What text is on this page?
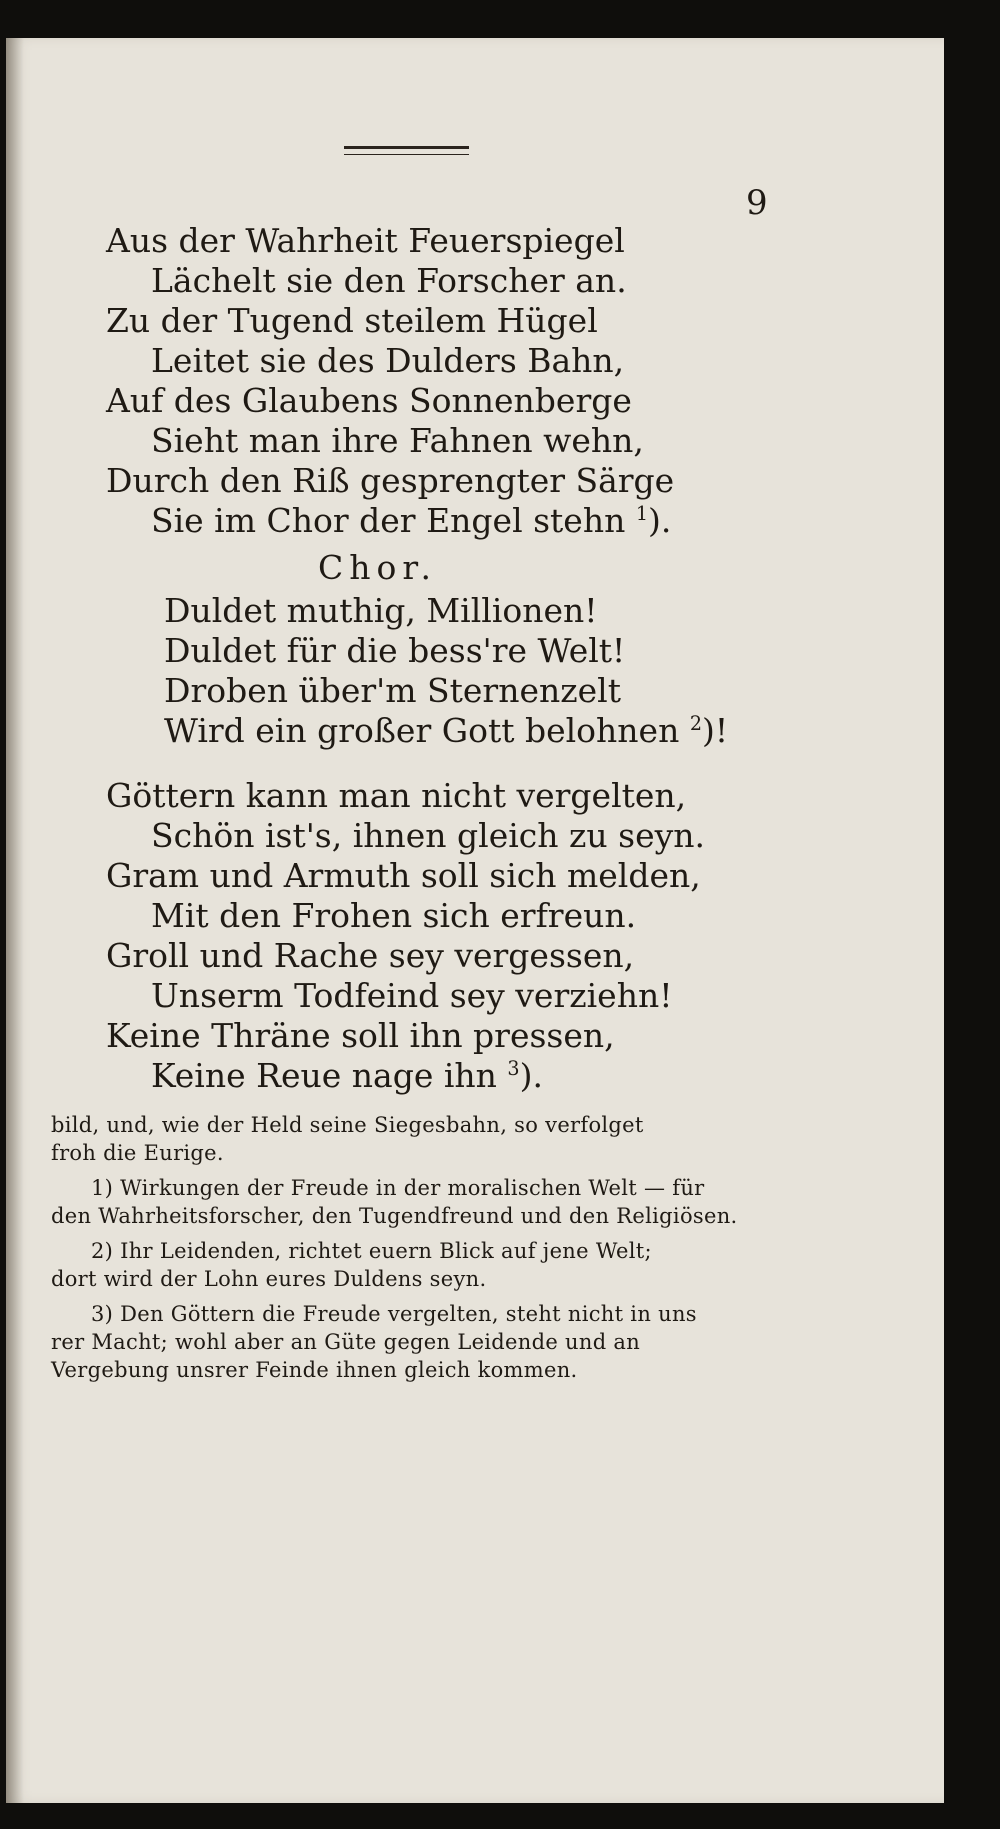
9
Aus der Wahrheit Feuerspiegel
Lächelt sie den Forscher an.
Zu der Tugend steilem Hügel
Leitet sie des Dulders Bahn,
Auf des Glaubens Sonnenberge
Sieht man ihre Fahnen wehn,
Durch den Riß gesprengter Särge
Sie im Chor der Engel stehn $^1$).
Chor.
Duldet muthig, Millionen!
Duldet für die bess're Welt!
Droben über'm Sternenzelt
Wird ein großer Gott belohnen $^2$)!
Göttern kann man nicht vergelten,
Schön ist's, ihnen gleich zu seyn.
Gram und Armuth soll sich melden,
Mit den Frohen sich erfreun.
Groll und Rache sey vergessen,
Unserm Todfeind sey verziehn!
Keine Thräne soll ihn pressen,
Keine Reue nage ihn $^3$).
bild, und, wie der Held seine Siegesbahn, so verfolget
froh die Eurige.
1) Wirkungen der Freude in der moralischen Welt — für
den Wahrheitsforscher, den Tugendfreund und den Religiösen.
2) Ihr Leidenden, richtet euern Blick auf jene Welt;
dort wird der Lohn eures Duldens seyn.
3) Den Göttern die Freude vergelten, steht nicht in uns
rer Macht; wohl aber an Güte gegen Leidende und an
Vergebung unsrer Feinde ihnen gleich kommen.
